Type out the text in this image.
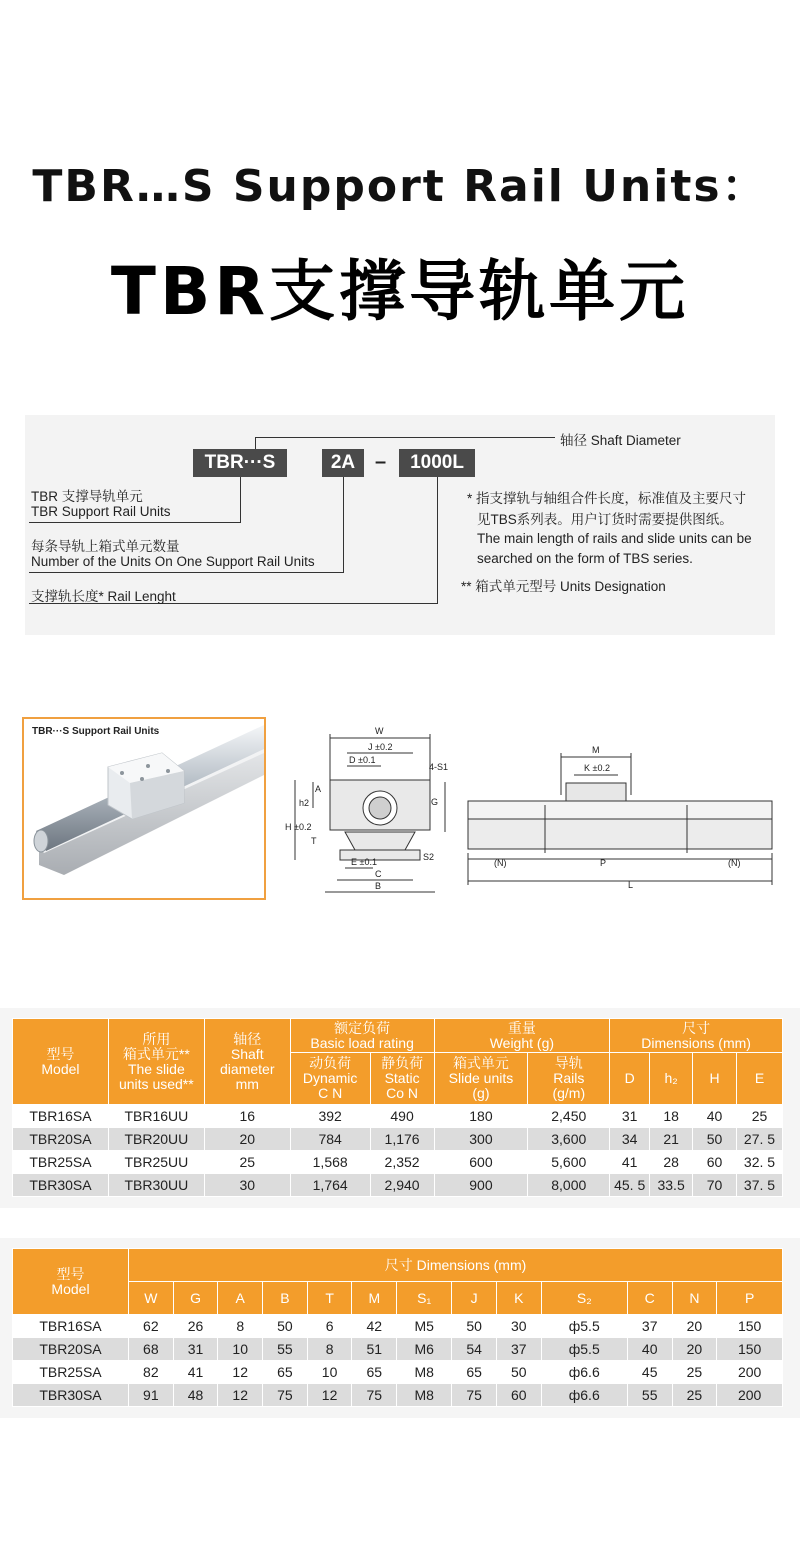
TBR…S Support Rail Units：
TBR支撑导轨单元
TBR···S	2A –	1000L
轴径 Shaft Diameter
TBR 支撑导轨单元
TBR Support Rail Units
每条导轨上箱式单元数量
Number of the Units On One Support Rail Units
支撑轨长度* Rail Lenght
* 指支撑轨与轴组合件长度，标准值及主要尺寸
见TBS系列表。用户订货时需要提供图纸。
The main length of rails and slide units can be
searched on the form of TBS series.
** 箱式单元型号 Units Designation
TBR···S Support Rail Units	W
J ±0.2
D ±0.1
4-S1
A
G
h2
H ±0.2
T
E ±0.1	S2
C
B
M
K ±0.2
(N)	P	(N)
L
型号
Model	所用
箱式单元**
The slide
units used**	轴径
Shaft
diameter
mm	额定负荷
Basic load rating		重量
Weight (g)		尺寸
Dimensions (mm)			
			动负荷
Dynamic
C N	静负荷
Static
Co N	箱式单元
Slide units
(g)	导轨
Rails
(g/m)	D	h₂	H	E
TBR16SA	TBR16UU	16	392	490	180	2,450	31	18	40	25
TBR20SA	TBR20UU	20	784	1,176	300	3,600	34	21	50	27. 5
TBR25SA	TBR25UU	25	1,568	2,352	600	5,600	41	28	60	32. 5
TBR30SA	TBR30UU	30	1,764	2,940	900	8,000	45. 5	33.5	70	37. 5
型号
Model	尺寸 Dimensions (mm)												
	W	G	A	B	T	M	S₁	J	K	S₂	C	N	P
TBR16SA	62	26	8	50	6	42	M5	50	30	ф5.5	37	20	150
TBR20SA	68	31	10	55	8	51	M6	54	37	ф5.5	40	20	150
TBR25SA	82	41	12	65	10	65	M8	65	50	ф6.6	45	25	200
TBR30SA	91	48	12	75	12	75	M8	75	60	ф6.6	55	25	200
